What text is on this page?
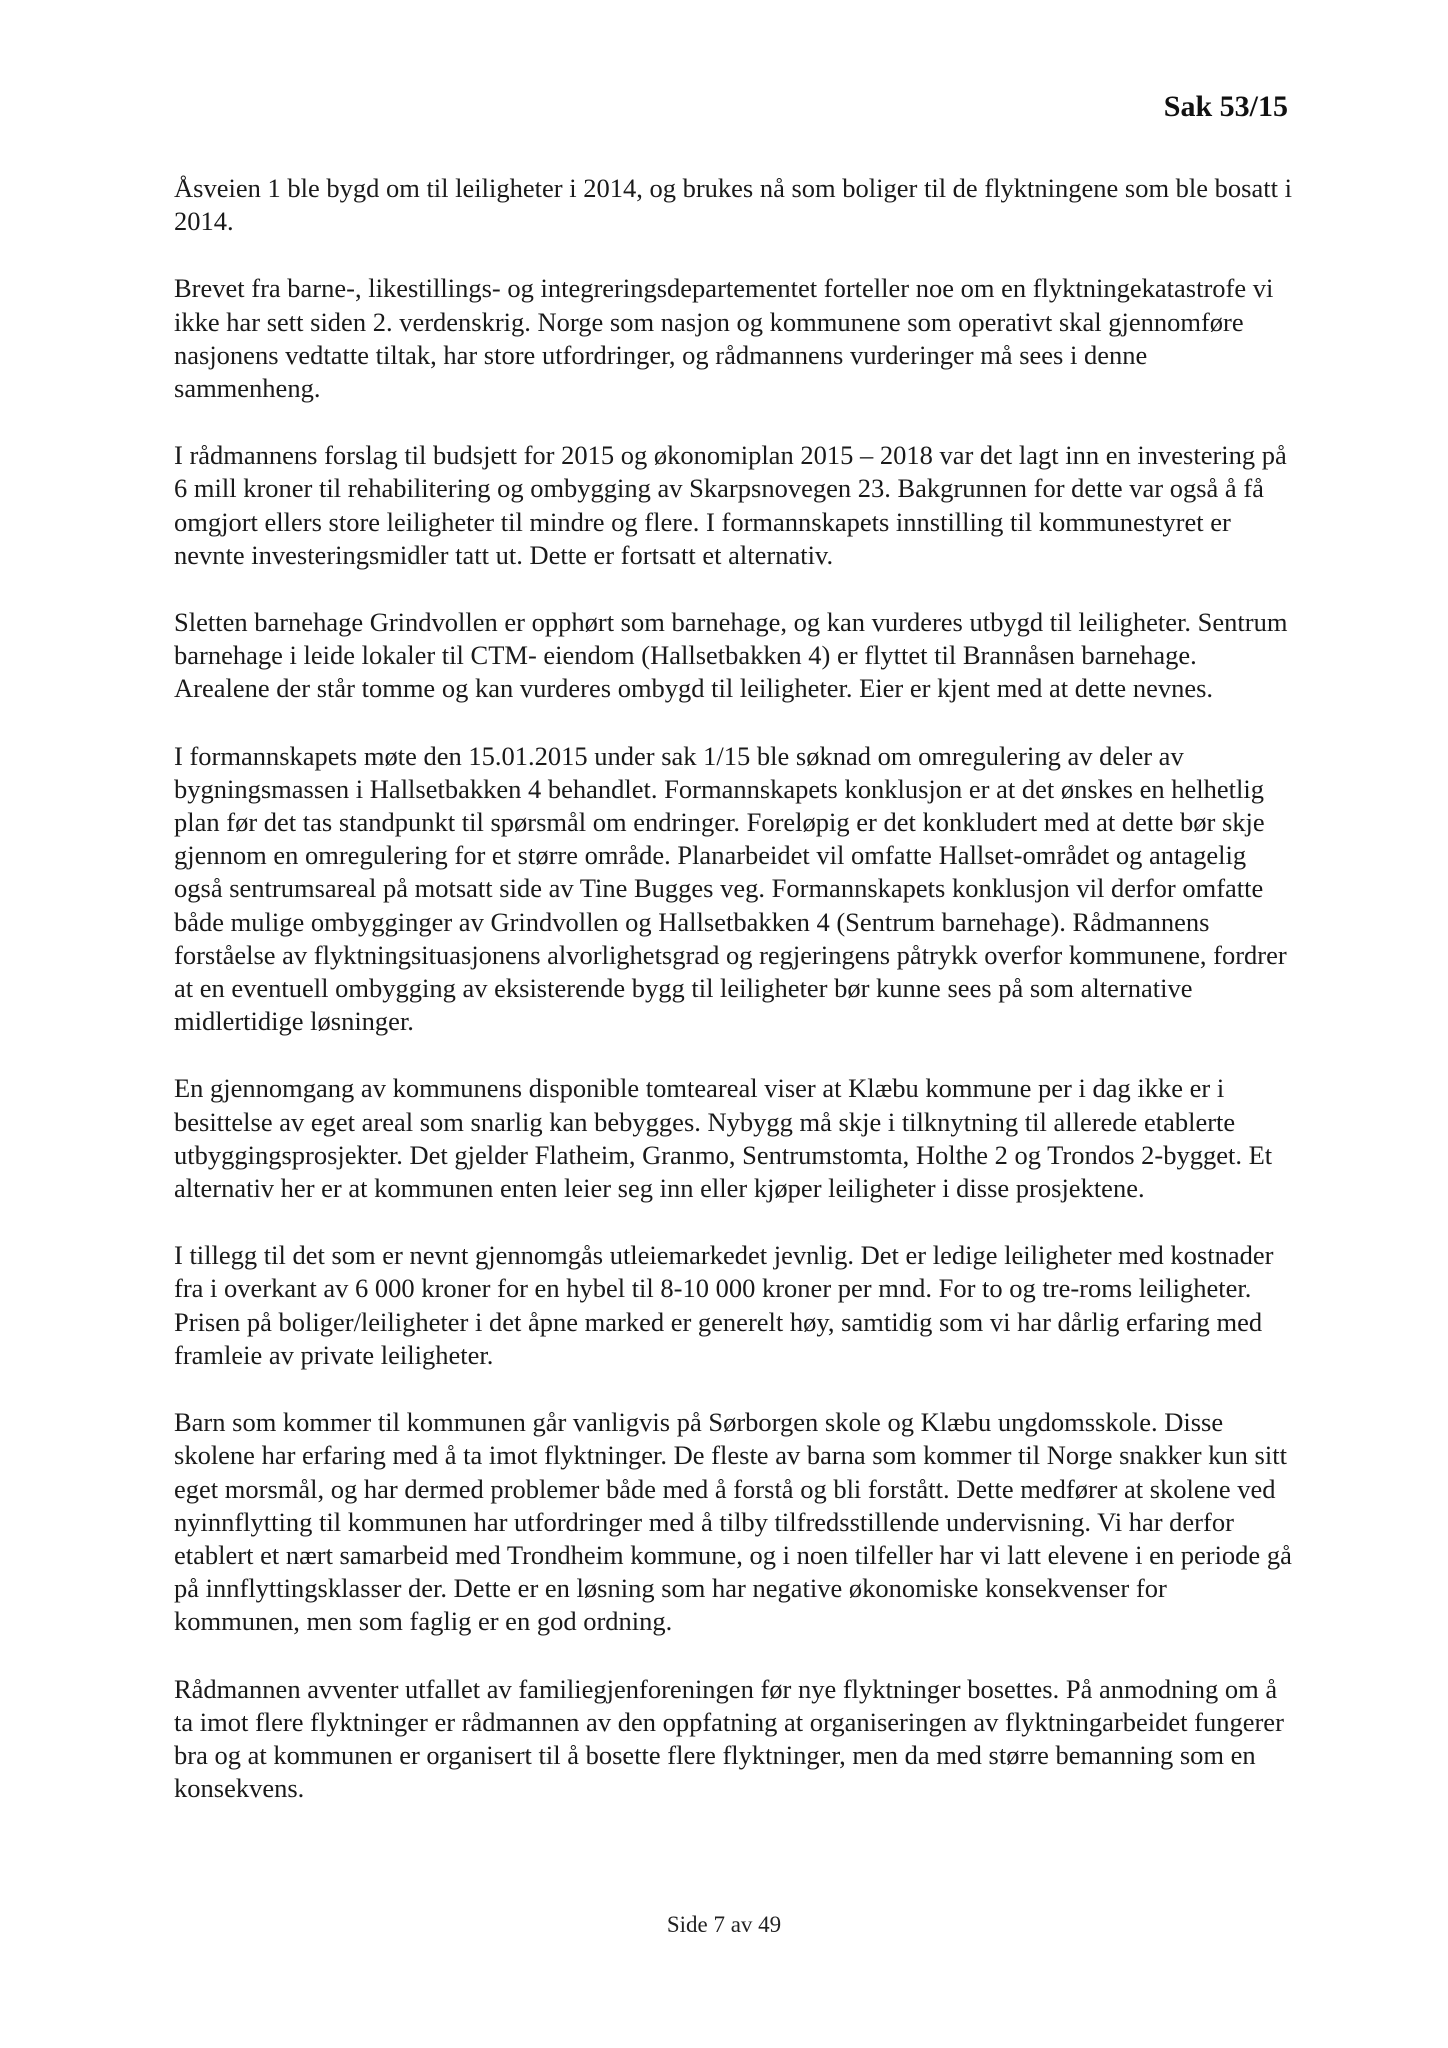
Sak 53/15

Åsveien 1 ble bygd om til leiligheter i 2014, og brukes nå som boliger til de flyktningene som ble bosatt i 2014.

Brevet fra barne-, likestillings- og integreringsdepartementet forteller noe om en flyktningekatastrofe vi ikke har sett siden 2. verdenskrig. Norge som nasjon og kommunene som operativt skal gjennomføre nasjonens vedtatte tiltak, har store utfordringer, og rådmannens vurderinger må sees i denne sammenheng.

I rådmannens forslag til budsjett for 2015 og økonomiplan 2015 – 2018 var det lagt inn en investering på 6 mill kroner til rehabilitering og ombygging av Skarpsnovegen 23. Bakgrunnen for dette var også å få omgjort ellers store leiligheter til mindre og flere. I formannskapets innstilling til kommunestyret er nevnte investeringsmidler tatt ut. Dette er fortsatt et alternativ.

Sletten barnehage Grindvollen er opphørt som barnehage, og kan vurderes utbygd til leiligheter. Sentrum barnehage i leide lokaler til CTM- eiendom (Hallsetbakken 4) er flyttet til Brannåsen barnehage. Arealene der står tomme og kan vurderes ombygd til leiligheter. Eier er kjent med at dette nevnes.

I formannskapets møte den 15.01.2015 under sak 1/15 ble søknad om omregulering av deler av bygningsmassen i Hallsetbakken 4 behandlet. Formannskapets konklusjon er at det ønskes en helhetlig plan før det tas standpunkt til spørsmål om endringer. Foreløpig er det konkludert med at dette bør skje gjennom en omregulering for et større område. Planarbeidet vil omfatte Hallset-området og antagelig også sentrumsareal på motsatt side av Tine Bugges veg. Formannskapets konklusjon vil derfor omfatte både mulige ombygginger av Grindvollen og Hallsetbakken 4 (Sentrum barnehage). Rådmannens forståelse av flyktningsituasjonens alvorlighetsgrad og regjeringens påtrykk overfor kommunene, fordrer at en eventuell ombygging av eksisterende bygg til leiligheter bør kunne sees på som alternative midlertidige løsninger.

En gjennomgang av kommunens disponible tomteareal viser at Klæbu kommune per i dag ikke er i besittelse av eget areal som snarlig kan bebygges. Nybygg må skje i tilknytning til allerede etablerte utbyggingsprosjekter. Det gjelder Flatheim, Granmo, Sentrumstomta, Holthe 2 og Trondos 2-bygget. Et alternativ her er at kommunen enten leier seg inn eller kjøper leiligheter i disse prosjektene.

I tillegg til det som er nevnt gjennomgås utleiemarkedet jevnlig. Det er ledige leiligheter med kostnader fra i overkant av 6 000 kroner for en hybel til 8-10 000 kroner per mnd. For to og tre-roms leiligheter. Prisen på boliger/leiligheter i det åpne marked er generelt høy, samtidig som vi har dårlig erfaring med framleie av private leiligheter.

Barn som kommer til kommunen går vanligvis på Sørborgen skole og Klæbu ungdomsskole. Disse skolene har erfaring med å ta imot flyktninger. De fleste av barna som kommer til Norge snakker kun sitt eget morsmål, og har dermed problemer både med å forstå og bli forstått. Dette medfører at skolene ved nyinnflytting til kommunen har utfordringer med å tilby tilfredsstillende undervisning. Vi har derfor etablert et nært samarbeid med Trondheim kommune, og i noen tilfeller har vi latt elevene i en periode gå på innflyttingsklasser der. Dette er en løsning som har negative økonomiske konsekvenser for kommunen, men som faglig er en god ordning.

Rådmannen avventer utfallet av familiegjenforeningen før nye flyktninger bosettes. På anmodning om å ta imot flere flyktninger er rådmannen av den oppfatning at organiseringen av flyktningarbeidet fungerer bra og at kommunen er organisert til å bosette flere flyktninger, men da med større bemanning som en konsekvens.

Side 7 av 49
